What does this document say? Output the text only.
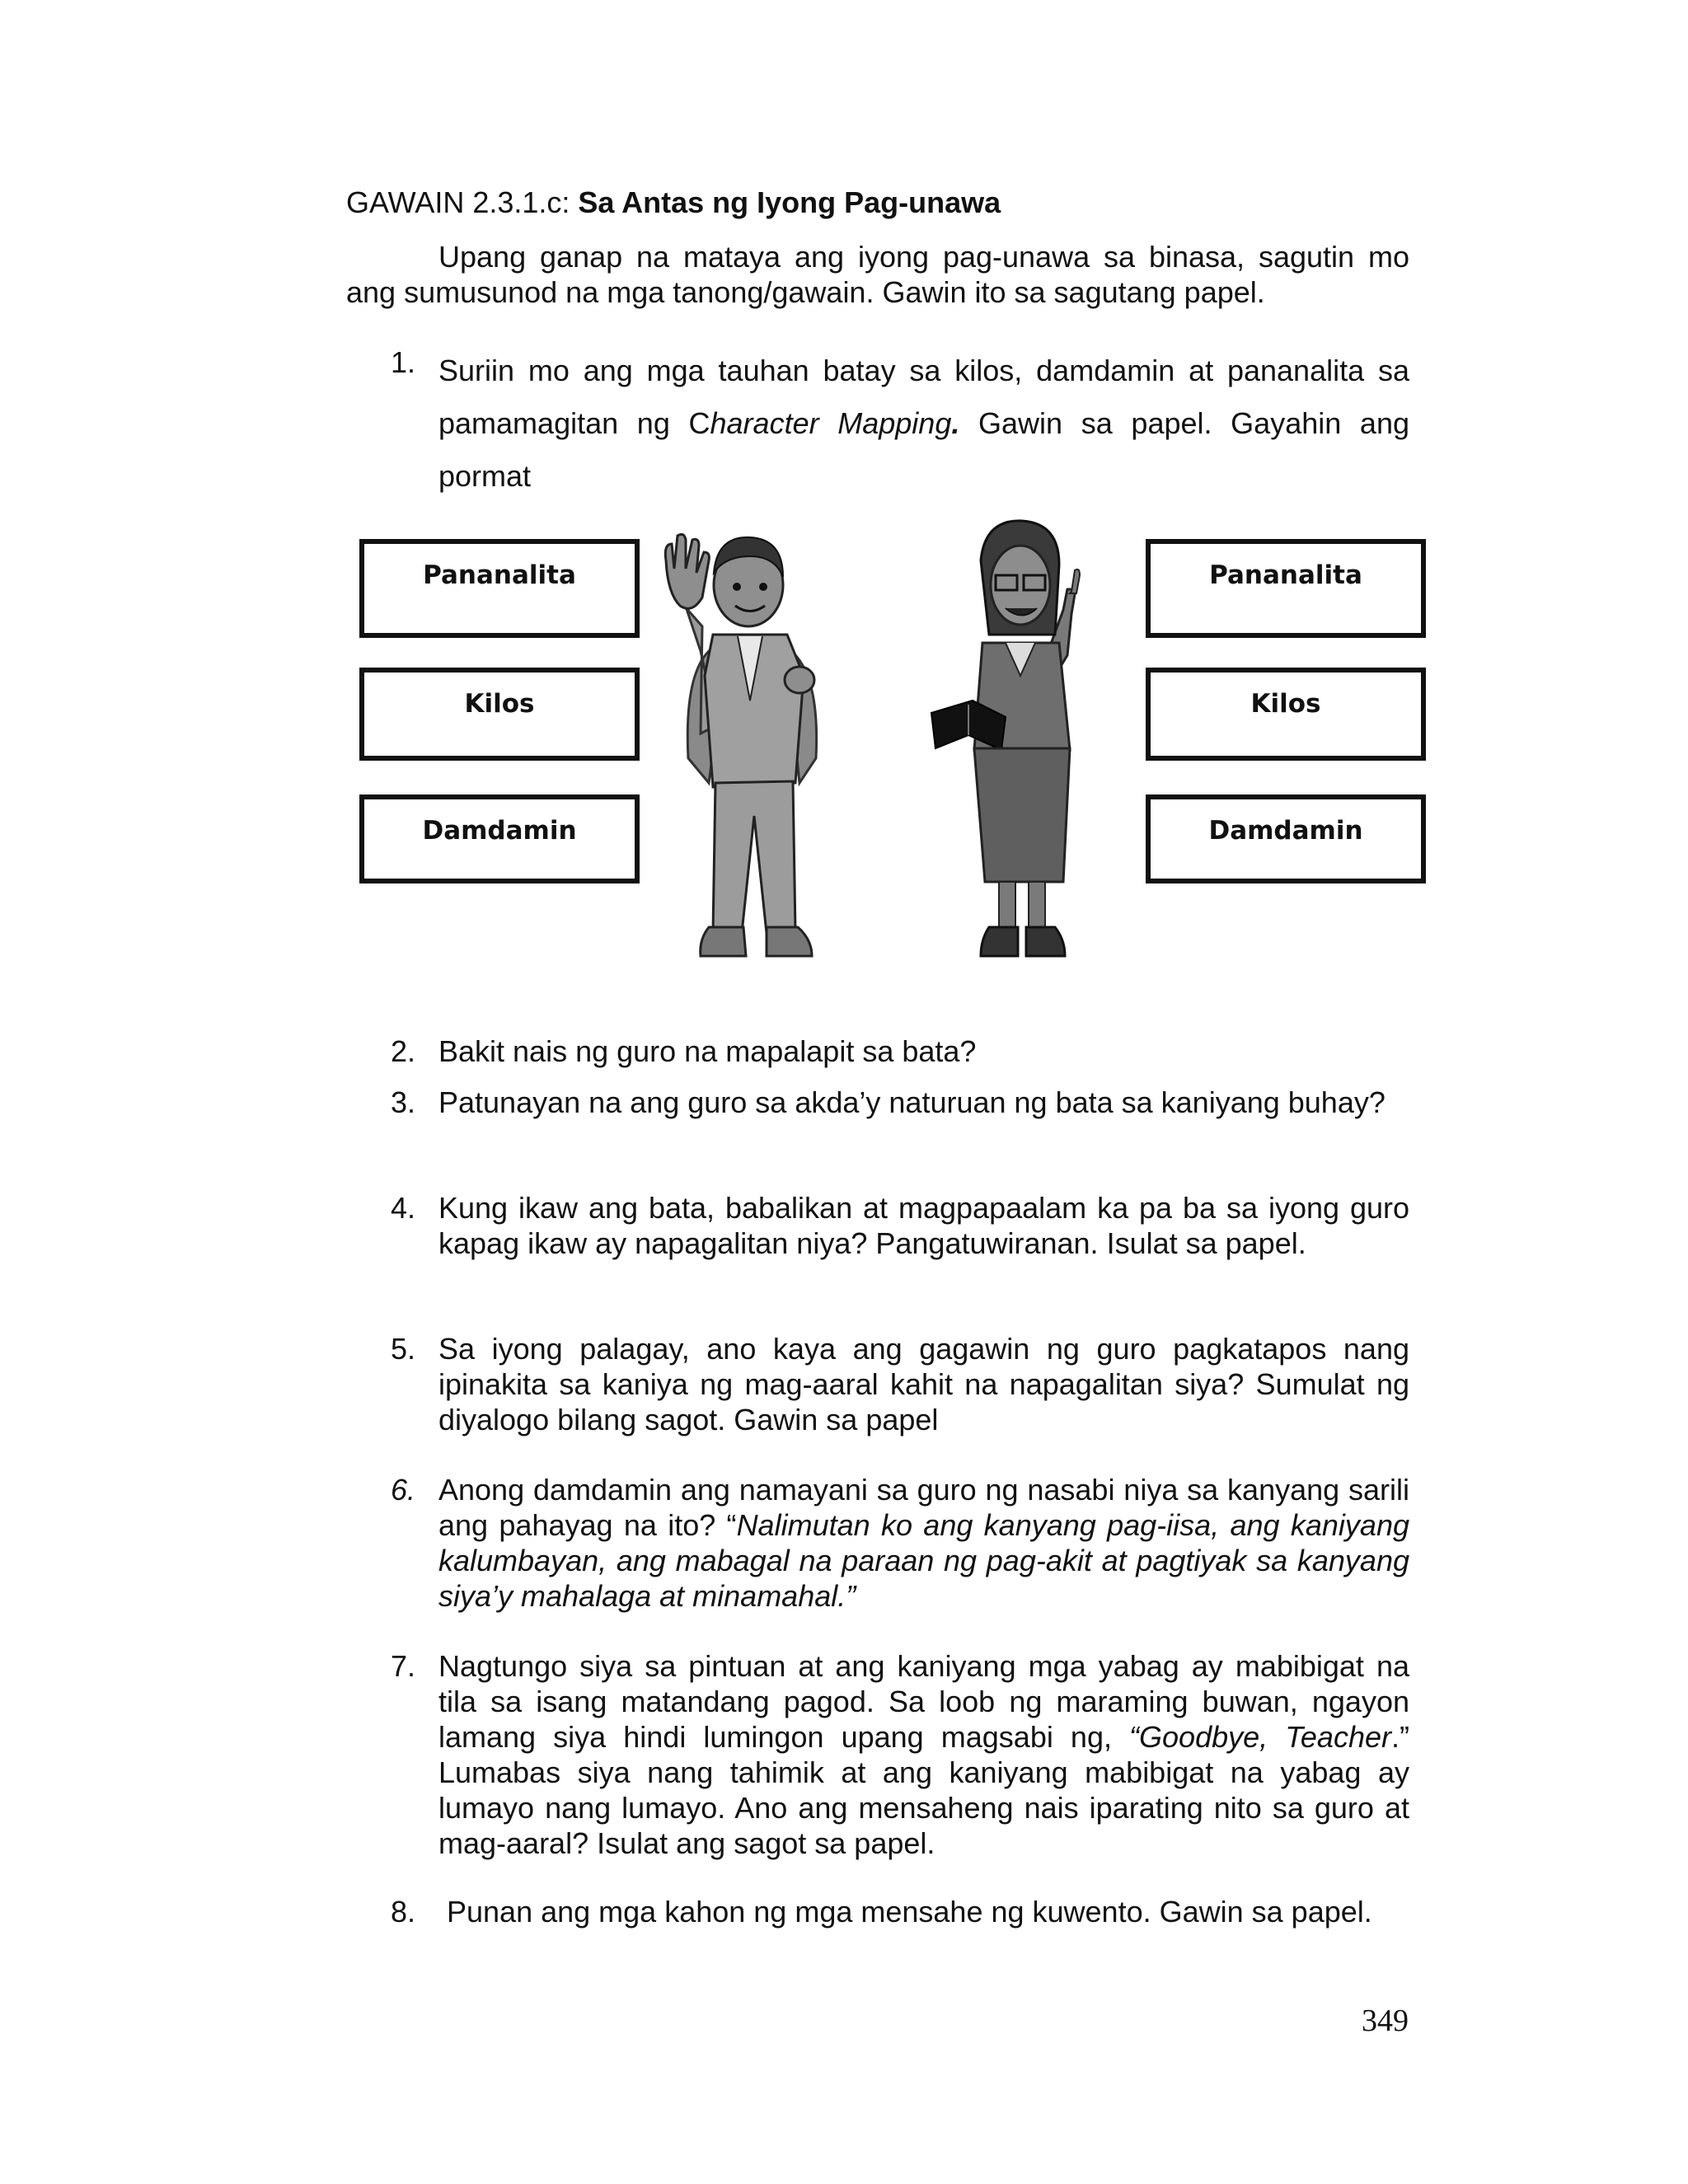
GAWAIN 2.3.1.c: Sa Antas ng Iyong Pag-unawa
Upang ganap na mataya ang iyong pag-unawa sa binasa, sagutin mo ang sumusunod na mga tanong/gawain. Gawin ito sa sagutang papel.
1. Suriin mo ang mga tauhan batay sa kilos, damdamin at pananalita sa pamamagitan ng Character Mapping. Gawin sa papel. Gayahin ang pormat
Pananalita
Kilos
Damdamin
Pananalita
Kilos
Damdamin
2. Bakit nais ng guro na mapalapit sa bata?
3. Patunayan na ang guro sa akda’y naturuan ng bata sa kaniyang buhay?
4. Kung ikaw ang bata, babalikan at magpapaalam ka pa ba sa iyong guro kapag ikaw ay napagalitan niya? Pangatuwiranan. Isulat sa papel.
5. Sa iyong palagay, ano kaya ang gagawin ng guro pagkatapos nang ipinakita sa kaniya ng mag-aaral kahit na napagalitan siya? Sumulat ng diyalogo bilang sagot. Gawin sa papel
6. Anong damdamin ang namayani sa guro ng nasabi niya sa kanyang sarili ang pahayag na ito? “Nalimutan ko ang kanyang pag-iisa, ang kaniyang kalumbayan, ang mabagal na paraan ng pag-akit at pagtiyak sa kanyang siya’y mahalaga at minamahal.”
7. Nagtungo siya sa pintuan at ang kaniyang mga yabag ay mabibigat na tila sa isang matandang pagod. Sa loob ng maraming buwan, ngayon lamang siya hindi lumingon upang magsabi ng, “Goodbye, Teacher.” Lumabas siya nang tahimik at ang kaniyang mabibigat na yabag ay lumayo nang lumayo. Ano ang mensaheng nais iparating nito sa guro at mag-aaral? Isulat ang sagot sa papel.
8. Punan ang mga kahon ng mga mensahe ng kuwento. Gawin sa papel.
349
